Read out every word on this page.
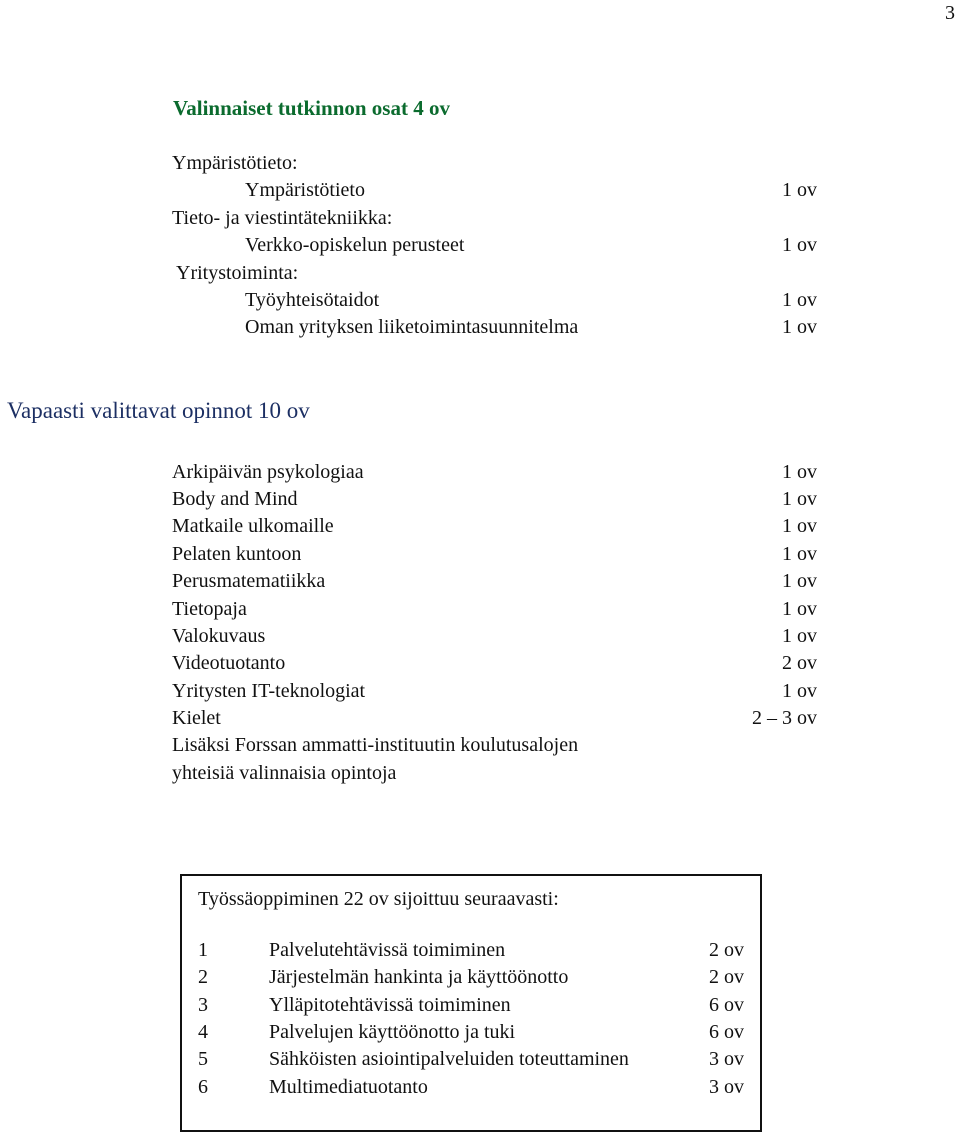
3
Valinnaiset tutkinnon osat 4 ov
Ympäristötieto:
Ympäristötieto	1 ov
Tieto- ja viestintätekniikka:
Verkko-opiskelun perusteet	1 ov
Yritystoiminta:
Työyhteisötaidot	1 ov
Oman yrityksen liiketoimintasuunnitelma	1 ov
Vapaasti valittavat opinnot 10 ov
Arkipäivän psykologiaa	1 ov
Body and Mind	1 ov
Matkaile ulkomaille	1 ov
Pelaten kuntoon	1 ov
Perusmatematiikka	1 ov
Tietopaja	1 ov
Valokuvaus	1 ov
Videotuotanto	2 ov
Yritysten IT-teknologiat	1 ov
Kielet	2 – 3 ov
Lisäksi Forssan ammatti-instituutin koulutusalojen
yhteisiä valinnaisia opintoja
Työssäoppiminen 22 ov sijoittuu seuraavasti:
1	Palvelutehtävissä toimiminen	2 ov
2	Järjestelmän hankinta ja käyttöönotto	2 ov
3	Ylläpitotehtävissä toimiminen	6 ov
4	Palvelujen käyttöönotto ja tuki	6 ov
5	Sähköisten asiointipalveluiden toteuttaminen	3 ov
6	Multimediatuotanto	3 ov
